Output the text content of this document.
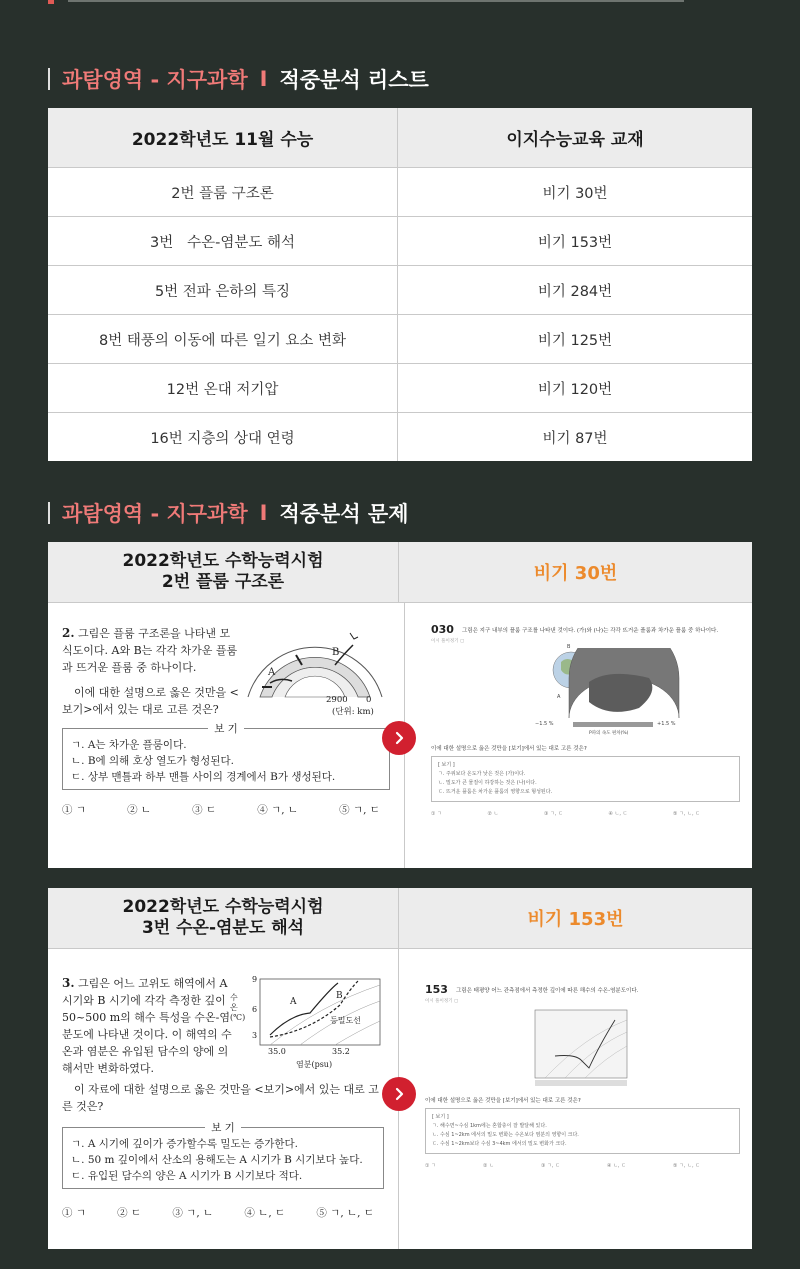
과탐영역 - 지구과학 I 적중분석 리스트
2022학년도 11월 수능	이지수능교육 교재
2번 플룸 구조론	비기 30번
3번   수온-염분도 해석	비기 153번
5번 전파 은하의 특징	비기 284번
8번 태풍의 이동에 따른 일기 요소 변화	비기 125번
12번 온대 저기압	비기 120번
16번 지층의 상대 연령	비기 87번
과탐영역 - 지구과학 I 적중분석 문제
2022학년도 수학능력시험
2번 플룸 구조론	비기 30번
2. 그림은 플룸 구조론을 나타낸 모식도이다. A와 B는 각각 차가운 플룸과 뜨거운 플룸 중 하나이다.
이에 대한 설명으로 옳은 것만을 <보기>에서 있는 대로 고른 것은?
A
B
2900 0
(단위: km)
보 기
ㄱ. A는 차가운 플룸이다.
ㄴ. B에 의해 호상 열도가 형성된다.
ㄷ. 상부 맨틀과 하부 맨틀 사이의 경계에서 B가 생성된다.
① ㄱ	② ㄴ	③ ㄷ	④ ㄱ, ㄴ	⑤ ㄱ, ㄷ
030 그림은 지구 내부의 플룸 구조를 나타낸 것이다. (가)와 (나)는 각각 뜨거운 플룸과 차가운 플룸 중 하나이다.
이시 풀이정기 ▢
B
A
−1.5 %	+1.5 %
P파의 속도 편차(%)
이에 대한 설명으로 옳은 것만을 [보기]에서 있는 대로 고른 것은?
[ 보기 ]
ㄱ. 주위보다 온도가 낮은 것은 (가)이다.
ㄴ. 밀도가 큰 물질이 하강하는 것은 (나)이다.
ㄷ. 뜨거운 플룸은 차가운 플룸의 영향으로 형성된다.
① ㄱ	② ㄴ	③ ㄱ, ㄷ	④ ㄴ, ㄷ	⑤ ㄱ, ㄴ, ㄷ
2022학년도 수학능력시험
3번 수온-염분도 해석	비기 153번
3. 그림은 어느 고위도 해역에서 A 시기와 B 시기에 각각 측정한 깊이 50~500 m의 해수 특성을 수온-염분도에 나타낸 것이다. 이 해역의 수온과 염분은 유입된 담수의 양에 의해서만 변화하였다.
수온(℃)
9
6
3
35.0	35.2
염분(psu)
A
B
등밀도선
이 자료에 대한 설명으로 옳은 것만을 <보기>에서 있는 대로 고른 것은?
보 기
ㄱ. A 시기에 깊이가 증가할수록 밀도는 증가한다.
ㄴ. 50 m 깊이에서 산소의 용해도는 A 시기가 B 시기보다 높다.
ㄷ. 유입된 담수의 양은 A 시기가 B 시기보다 적다.
① ㄱ	② ㄷ	③ ㄱ, ㄴ	④ ㄴ, ㄷ	⑤ ㄱ, ㄴ, ㄷ
153 그림은 태평양 어느 관측점에서 측정한 깊이에 따른 해수의 수온-염분도이다.
이시 풀이정기 ▢
이에 대한 설명으로 옳은 것만을 [보기]에서 있는 대로 고른 것은?
[ 보기 ]
ㄱ. 해수면~수심 1km에는 혼합층이 잘 발달해 있다.
ㄴ. 수심 1~2km 에서의 밀도 변화는 수온보다 염분의 영향이 크다.
ㄷ. 수심 1~2km보다 수심 3~4km 에서의 밀도 변화가 크다.
① ㄱ	② ㄴ	③ ㄱ, ㄷ	④ ㄴ, ㄷ	⑤ ㄱ, ㄴ, ㄷ
